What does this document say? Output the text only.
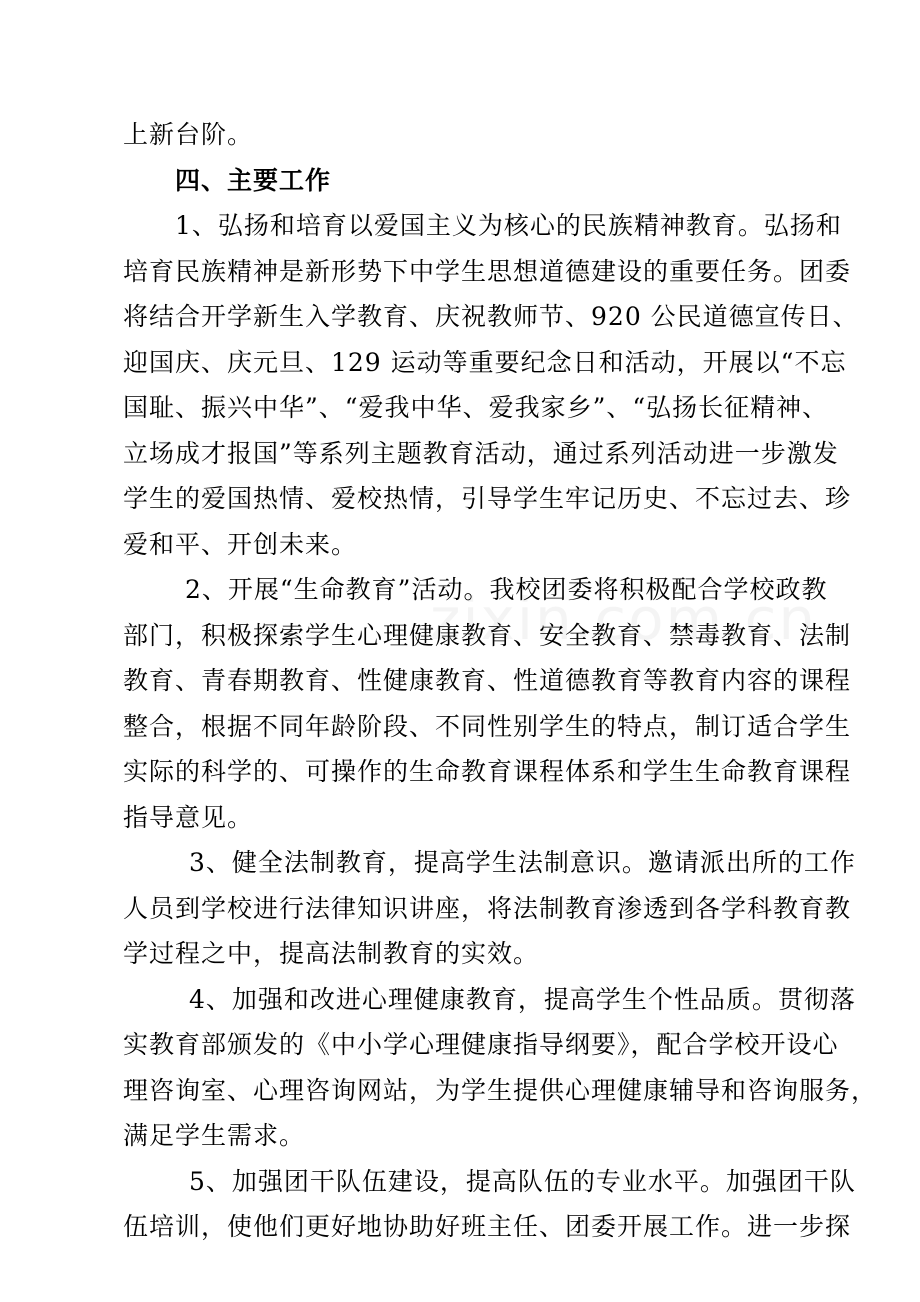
上新台阶。
四、主要工作
1、弘扬和培育以爱国主义为核心的民族精神教育。弘扬和
培育民族精神是新形势下中学生思想道德建设的重要任务。团委
将结合开学新生入学教育、庆祝教师节、920 公民道德宣传日、
迎国庆、庆元旦、129 运动等重要纪念日和活动，开展以“不忘
国耻、振兴中华”、“爱我中华、爱我家乡”、“弘扬长征精神、
立场成才报国”等系列主题教育活动，通过系列活动进一步激发
学生的爱国热情、爱校热情，引导学生牢记历史、不忘过去、珍
爱和平、开创未来。
2、开展“生命教育”活动。我校团委将积极配合学校政教
部门，积极探索学生心理健康教育、安全教育、禁毒教育、法制
教育、青春期教育、性健康教育、性道德教育等教育内容的课程
整合，根据不同年龄阶段、不同性别学生的特点，制订适合学生
实际的科学的、可操作的生命教育课程体系和学生生命教育课程
指导意见。
3、健全法制教育，提高学生法制意识。邀请派出所的工作
人员到学校进行法律知识讲座，将法制教育渗透到各学科教育教
学过程之中，提高法制教育的实效。
4、加强和改进心理健康教育，提高学生个性品质。贯彻落
实教育部颁发的《中小学心理健康指导纲要》，配合学校开设心
理咨询室、心理咨询网站，为学生提供心理健康辅导和咨询服务，
满足学生需求。
5、加强团干队伍建设，提高队伍的专业水平。加强团干队
伍培训，使他们更好地协助好班主任、团委开展工作。进一步探
